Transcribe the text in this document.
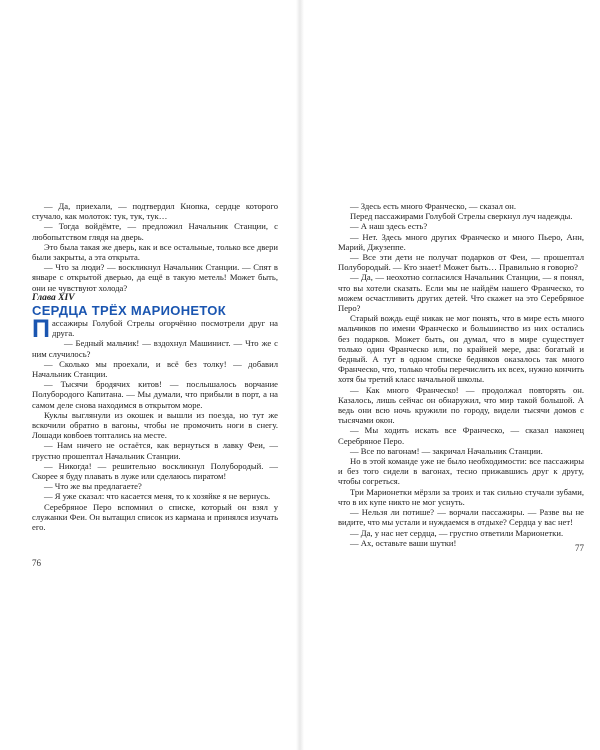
— Да, приехали, — подтвердил Кнопка, сердце которого стучало, как молоток: тук, тук, тук…

— Тогда войдёмте, — предложил Начальник Станции, с любопытством глядя на дверь.

Это была такая же дверь, как и все остальные, только все двери были закрыты, а эта открыта.

— Что за люди? — воскликнул Начальник Станции. — Спят в январе с открытой дверью, да ещё в такую метель! Может быть, они не чувствуют холода?

Глава XIV

СЕРДЦА ТРЁХ МАРИОНЕТОК

Пассажиры Голубой Стрелы огорчённо посмотрели друг на друга.

— Бедный мальчик! — вздохнул Машинист. — Что же с ним случилось?

— Сколько мы проехали, и всё без толку! — добавил Начальник Станции.

— Тысячи бродячих китов! — послышалось ворчание Полубородого Капитана. — Мы думали, что прибыли в порт, а на самом деле снова находимся в открытом море.

Куклы выглянули из окошек и вышли из поезда, но тут же вскочили обратно в вагоны, чтобы не промочить ноги в снегу. Лошади ковбоев топтались на месте.

— Нам ничего не остаётся, как вернуться в лавку Феи, — грустно прошептал Начальник Станции.

— Никогда! — решительно воскликнул Полубородый. — Скорее я буду плавать в луже или сделаюсь пиратом!

— Что же вы предлагаете?

— Я уже сказал: что касается меня, то к хозяйке я не вернусь.

Серебряное Перо вспомнил о списке, который он взял у служанки Феи. Он вытащил список из кармана и принялся изучать его.

76

— Здесь есть много Франческо, — сказал он.

Перед пассажирами Голубой Стрелы сверкнул луч надежды.

— А наш здесь есть?

— Нет. Здесь много других Франческо и много Пьеро, Анн, Марий, Джузеппе.

— Все эти дети не получат подарков от Феи, — прошептал Полубородый. — Кто знает! Может быть… Правильно я говорю?

— Да, — неохотно согласился Начальник Станции, — я понял, что вы хотели сказать. Если мы не найдём нашего Франческо, то можем осчастливить других детей. Что скажет на это Серебряное Перо?

Старый вождь ещё никак не мог понять, что в мире есть много мальчиков по имени Франческо и большинство из них остались без подарков. Может быть, он думал, что в мире существует только один Франческо или, по крайней мере, два: богатый и бедный. А тут в одном списке бедняков оказалось так много Франческо, что, только чтобы перечислить их всех, нужно кончить хотя бы третий класс начальной школы.

— Как много Франческо! — продолжал повторять он. Казалось, лишь сейчас он обнаружил, что мир такой большой. А ведь они всю ночь кружили по городу, видели тысячи домов с тысячами окон.

— Мы ходить искать все Франческо, — сказал наконец Серебряное Перо.

— Все по вагонам! — закричал Начальник Станции.

Но в этой команде уже не было необходимости: все пассажиры и без того сидели в вагонах, тесно прижавшись друг к другу, чтобы согреться.

Три Марионетки мёрзли за троих и так сильно стучали зубами, что в их купе никто не мог уснуть.

— Нельзя ли потише? — ворчали пассажиры. — Разве вы не видите, что мы устали и нуждаемся в отдыхе? Сердца у вас нет!

— Да, у нас нет сердца, — грустно ответили Марионетки.

— Ах, оставьте ваши шутки!

77
